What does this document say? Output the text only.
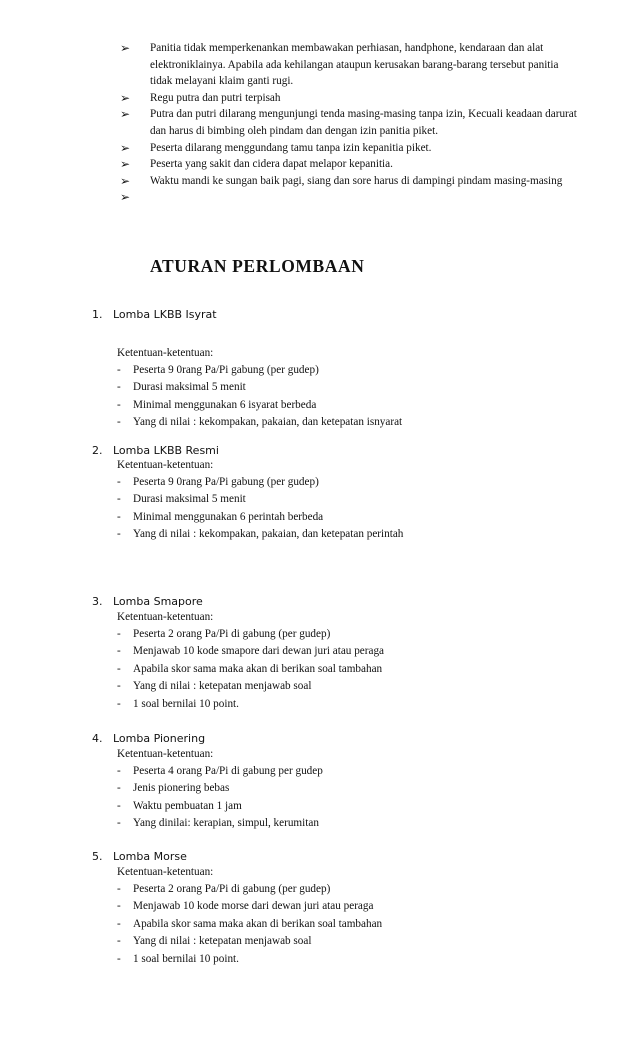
➢ Panitia tidak memperkenankan membawakan perhiasan, handphone, kendaraan dan alat elektroniklainya. Apabila ada kehilangan ataupun kerusakan barang-barang tersebut panitia tidak melayani klaim ganti rugi.
➢ Regu putra dan putri terpisah
➢ Putra dan putri dilarang mengunjungi tenda masing-masing tanpa izin, Kecuali keadaan darurat dan harus di bimbing oleh pindam dan dengan izin panitia piket.
➢ Peserta dilarang menggundang tamu tanpa izin kepanitia piket.
➢ Peserta yang sakit dan cidera dapat melapor kepanitia.
➢ Waktu mandi ke sungan baik pagi, siang dan sore harus di dampingi pindam masing-masing
➢
ATURAN PERLOMBAAN

1. Lomba LKBB Isyrat

Ketentuan-ketentuan:

- Peserta 9 0rang Pa/Pi gabung (per gudep)
- Durasi maksimal 5 menit
- Minimal menggunakan 6 isyarat berbeda
- Yang di nilai : kekompakan, pakaian, dan ketepatan isnyarat

2. Lomba LKBB Resmi

Ketentuan-ketentuan:

- Peserta 9 0rang Pa/Pi gabung (per gudep)
- Durasi maksimal 5 menit
- Minimal menggunakan 6 perintah berbeda
- Yang di nilai : kekompakan, pakaian, dan ketepatan perintah

3. Lomba Smapore

Ketentuan-ketentuan:

- Peserta 2 orang Pa/Pi di gabung (per gudep)
- Menjawab 10 kode smapore dari dewan juri atau peraga
- Apabila skor sama maka akan di berikan soal tambahan
- Yang di nilai : ketepatan menjawab soal
- 1 soal bernilai 10 point.

4. Lomba Pionering

Ketentuan-ketentuan:

- Peserta 4 orang Pa/Pi di gabung per gudep
- Jenis pionering bebas
- Waktu pembuatan 1 jam
- Yang dinilai: kerapian, simpul, kerumitan

5. Lomba Morse

Ketentuan-ketentuan:

- Peserta 2 orang Pa/Pi di gabung (per gudep)
- Menjawab 10 kode morse dari dewan juri atau peraga
- Apabila skor sama maka akan di berikan soal tambahan
- Yang di nilai : ketepatan menjawab soal
- 1 soal bernilai 10 point.
